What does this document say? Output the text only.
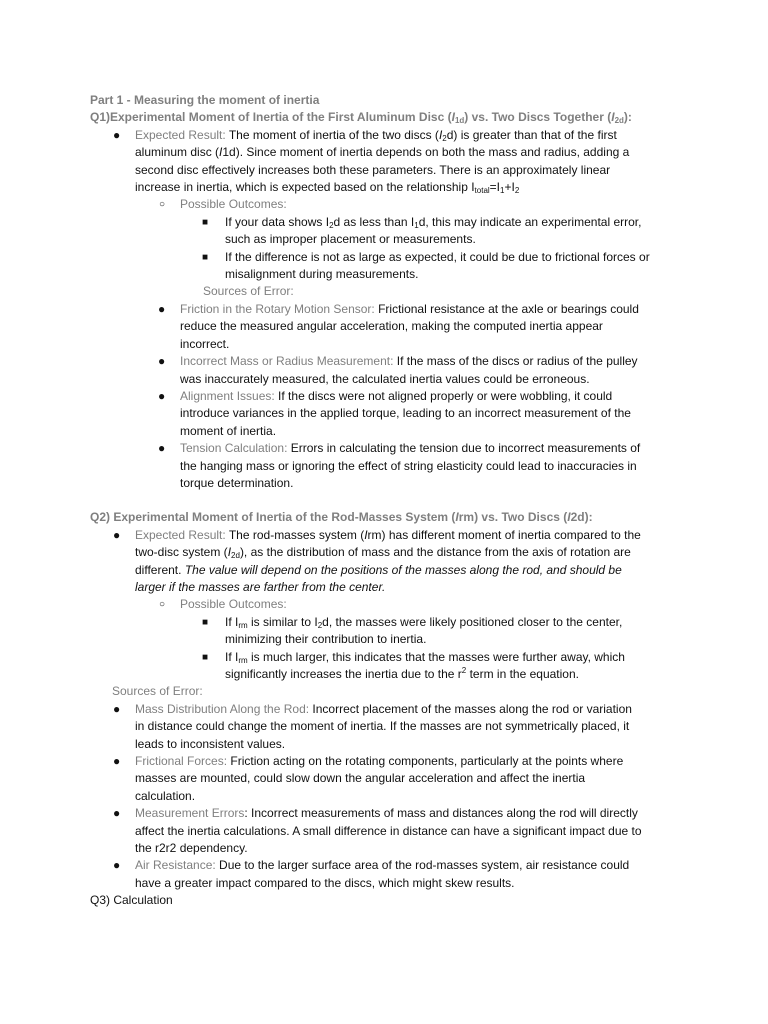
Part 1 - Measuring the moment of inertia

Q1)Experimental Moment of Inertia of the First Aluminum Disc $(I_{1d})$ vs. Two Discs Together $(I_{2d})$:

● Expected Result: The moment of inertia of the two discs $(I_2d)$ is greater than that of the first

aluminum disc (I1d). Since moment of inertia depends on both the mass and radius, adding a

second disc effectively increases both these parameters. There is an approximately linear

increase in inertia, which is expected based on the relationship $I_{total}=I_1+I_2$

○ Possible Outcomes:

■ If your data shows $I_2d$ as less than $I_1d$, this may indicate an experimental error,

such as improper placement or measurements.

■ If the difference is not as large as expected, it could be due to frictional forces or

misalignment during measurements.

Sources of Error:

● Friction in the Rotary Motion Sensor: Frictional resistance at the axle or bearings could

reduce the measured angular acceleration, making the computed inertia appear

incorrect.

● Incorrect Mass or Radius Measurement: If the mass of the discs or radius of the pulley

was inaccurately measured, the calculated inertia values could be erroneous.

● Alignment Issues: If the discs were not aligned properly or were wobbling, it could

introduce variances in the applied torque, leading to an incorrect measurement of the

moment of inertia.

● Tension Calculation: Errors in calculating the tension due to incorrect measurements of

the hanging mass or ignoring the effect of string elasticity could lead to inaccuracies in

torque determination.

Q2) Experimental Moment of Inertia of the Rod-Masses System (Irm) vs. Two Discs (I2d):

● Expected Result: The rod-masses system (Irm) has different moment of inertia compared to the

two-disc system $(I_{2d})$, as the distribution of mass and the distance from the axis of rotation are

different. The value will depend on the positions of the masses along the rod, and should be

larger if the masses are farther from the center.

○ Possible Outcomes:

■ If $I_{rm}$ is similar to $I_2d$, the masses were likely positioned closer to the center,

minimizing their contribution to inertia.

■ If $I_{rm}$ is much larger, this indicates that the masses were further away, which

significantly increases the inertia due to the $r^2$ term in the equation.

Sources of Error:

● Mass Distribution Along the Rod: Incorrect placement of the masses along the rod or variation

in distance could change the moment of inertia. If the masses are not symmetrically placed, it

leads to inconsistent values.

● Frictional Forces: Friction acting on the rotating components, particularly at the points where

masses are mounted, could slow down the angular acceleration and affect the inertia

calculation.

● Measurement Errors: Incorrect measurements of mass and distances along the rod will directly

affect the inertia calculations. A small difference in distance can have a significant impact due to

the r2r2 dependency.

● Air Resistance: Due to the larger surface area of the rod-masses system, air resistance could

have a greater impact compared to the discs, which might skew results.

Q3) Calculation
